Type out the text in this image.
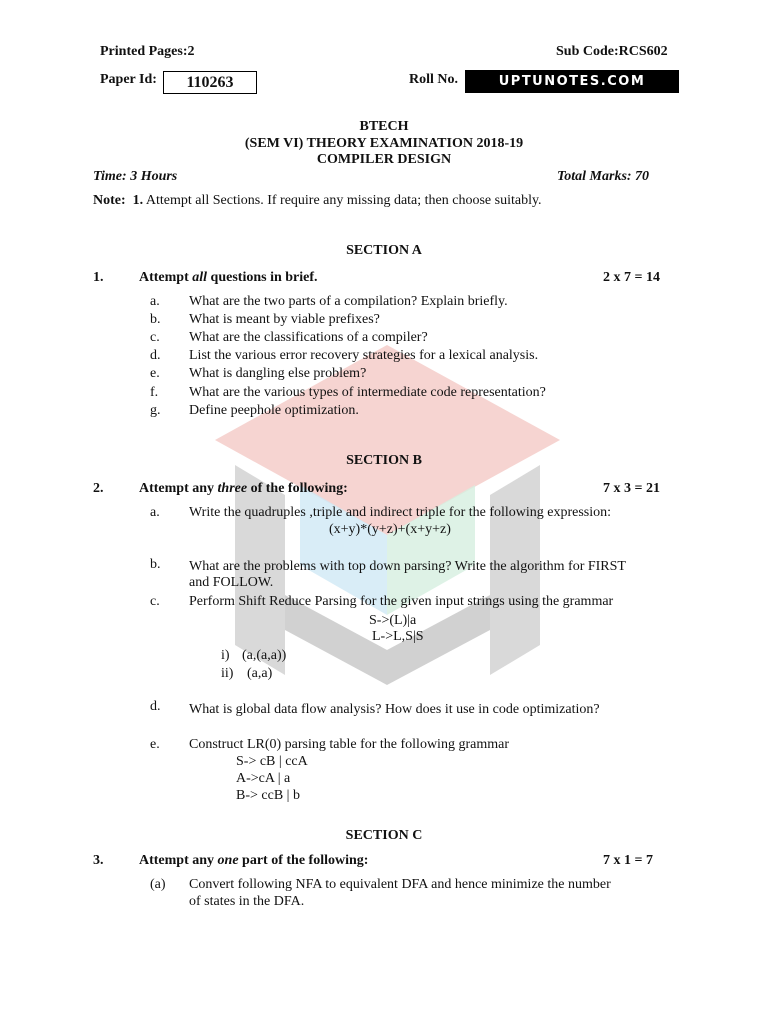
Printed Pages:2	Sub Code:RCS602
Paper Id:	110263	Roll No.	UPTUNOTES.COM
BTECH
(SEM VI) THEORY EXAMINATION 2018-19
COMPILER DESIGN
Time: 3 Hours	Total Marks: 70
Note: 1. Attempt all Sections. If require any missing data; then choose suitably.
SECTION A
1.	Attempt all questions in brief.	2 x 7 = 14
a. What are the two parts of a compilation? Explain briefly.
b. What is meant by viable prefixes?
c. What are the classifications of a compiler?
d. List the various error recovery strategies for a lexical analysis.
e. What is dangling else problem?
f. What are the various types of intermediate code representation?
g. Define peephole optimization.
SECTION B
2.	Attempt any three of the following:	7 x 3 = 21
a. Write the quadruples ,triple and indirect triple for the following expression:
(x+y)*(y+z)+(x+y+z)
b. What are the problems with top down parsing? Write the algorithm for FIRST
and FOLLOW.
c. Perform Shift Reduce Parsing for the given input strings using the grammar
S->(L)|a
L->L,S|S
i) (a,(a,a))
ii) (a,a)
d. What is global data flow analysis? How does it use in code optimization?
e. Construct LR(0) parsing table for the following grammar
S-> cB | ccA
A->cA | a
B-> ccB | b
SECTION C
3.	Attempt any one part of the following:	7 x 1 = 7
(a) Convert following NFA to equivalent DFA and hence minimize the number
of states in the DFA.
